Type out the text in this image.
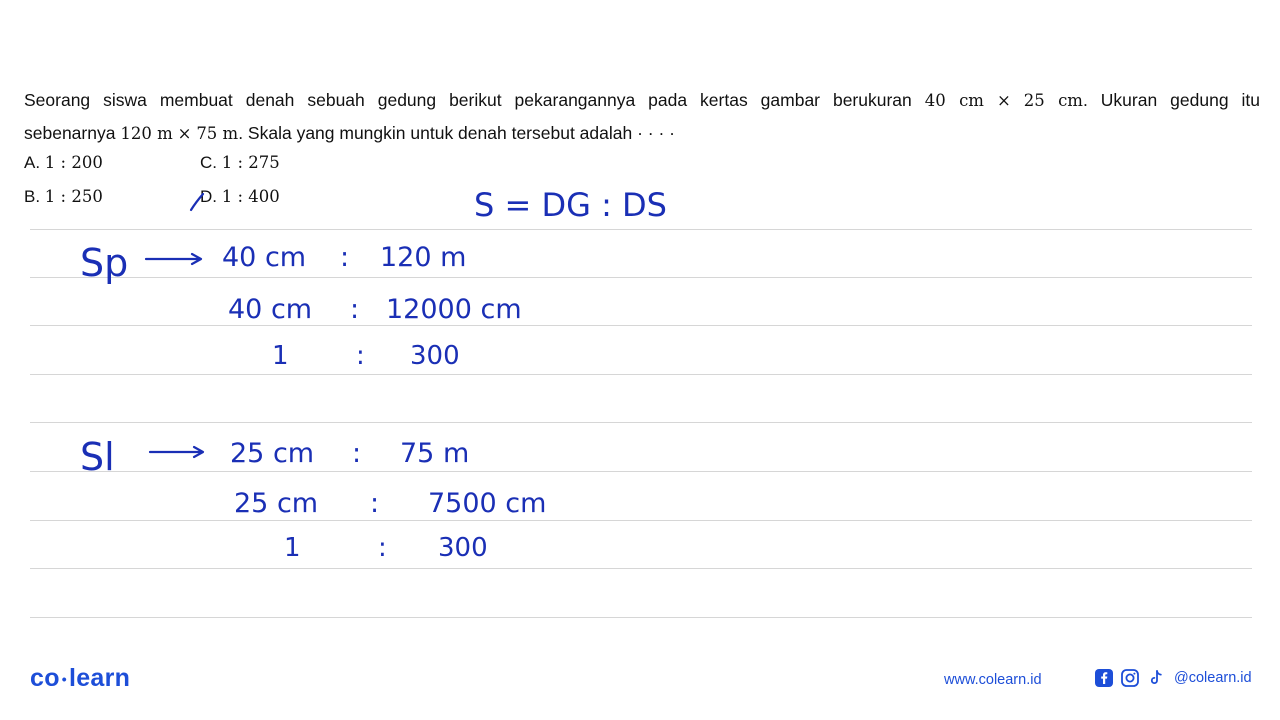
Seorang siswa membuat denah sebuah gedung berikut pekarangannya pada kertas gambar berukuran 40 cm × 25 cm. Ukuran gedung itu
sebenarnya 120 m × 75 m. Skala yang mungkin untuk denah tersebut adalah · · · ·
A. 1 : 200	C. 1 : 275
B. 1 : 250	D. 1 : 400	S = DG : DS
Sp	40 cm : 120 m
40 cm : 12000 cm
1	: 300
Sl	25 cm : 75 m
25 cm : 7500 cm
1	: 300
co •learn	www.colearn.id	@colearn.id
